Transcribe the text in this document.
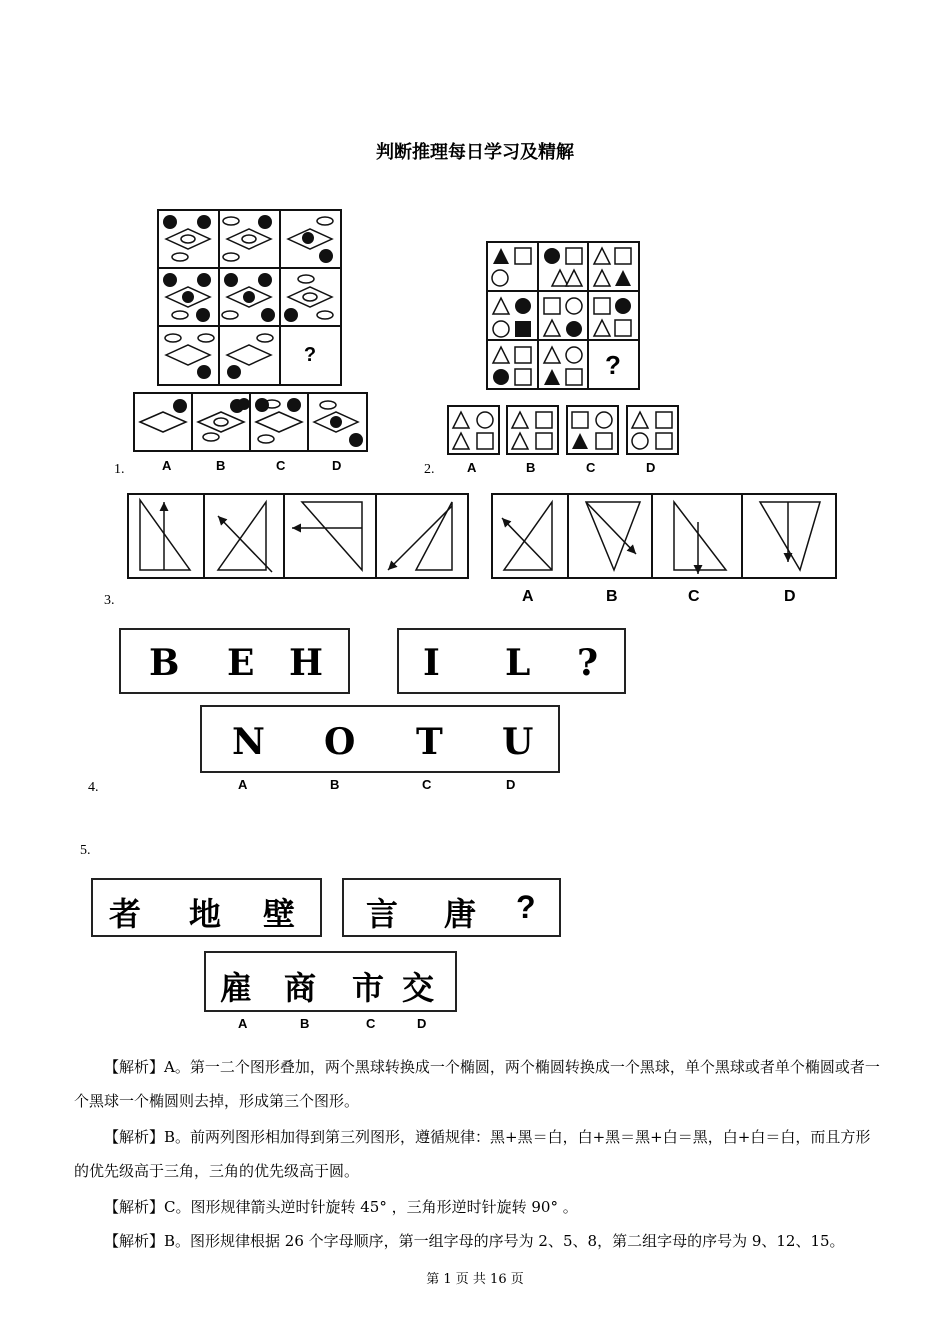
判断推理每日学习及精解
?
1.	A	B	C	D
?
2.	A	B	C	D
3.	A	B	C	D
B E H	I L ?
N O T U
4.	A	B	C	D
5.
者 地 壁 言 唐 ?
雇 商 市 交
A	B	C	D
【解析】A。第一二个图形叠加，两个黑球转换成一个椭圆，两个椭圆转换成一个黑球，单个黑球或者单个椭圆或者一个黑球一个椭圆则去掉，形成第三个图形。
【解析】B。前两列图形相加得到第三列图形，遵循规律：黑+黑＝白，白+黑＝黑+白＝黑，白+白＝白，而且方形的优先级高于三角，三角的优先级高于圆。
【解析】C。图形规律箭头逆时针旋转 45° ，三角形逆时针旋转 90° 。
【解析】B。图形规律根据 26 个字母顺序，第一组字母的序号为 2、5、8，第二组字母的序号为 9、12、15。
第 1 页 共 16 页
